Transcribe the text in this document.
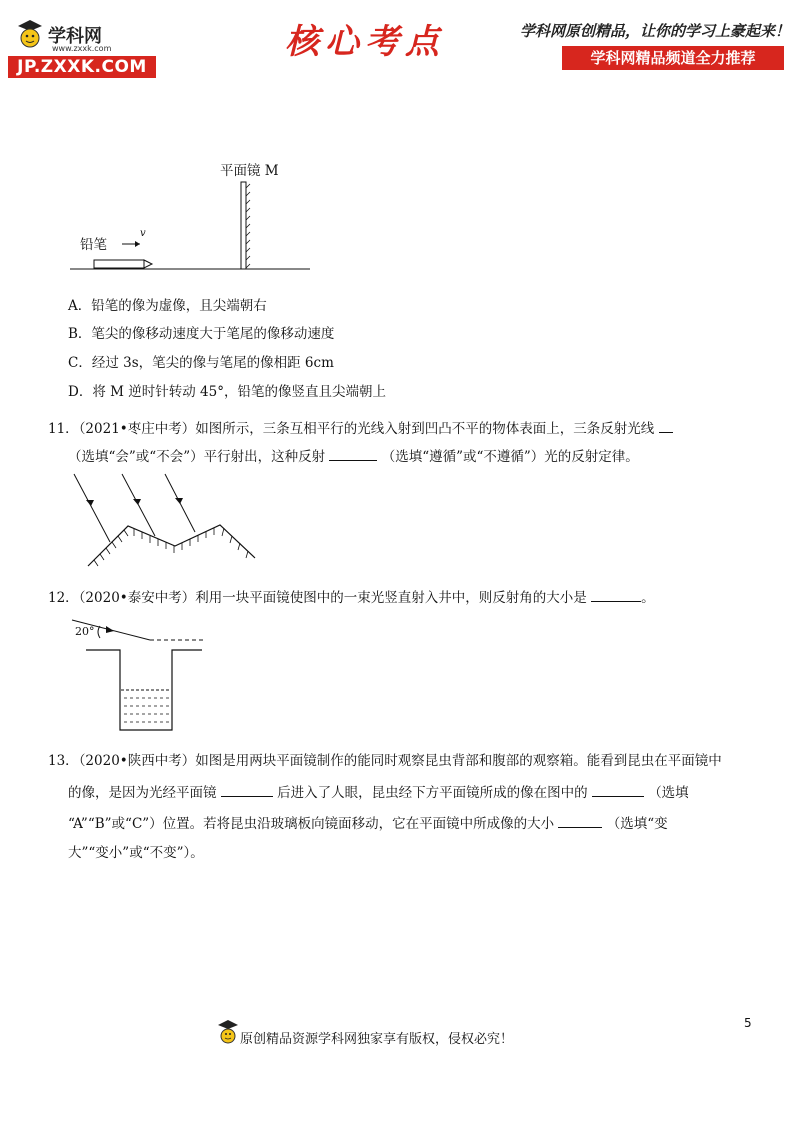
学科网
www.zxxk.com
JP.ZXXK.COM
核心考点	学科网原创精品，让你的学习上豪起来！
学科网精品频道全力推荐
平面镜 M
铅笔
v
A．铅笔的像为虚像，且尖端朝右
B．笔尖的像移动速度大于笔尾的像移动速度
C．经过 3s，笔尖的像与笔尾的像相距 6cm
D．将 M 逆时针转动 45°，铅笔的像竖直且尖端朝上
11．（2021•枣庄中考）如图所示，三条互相平行的光线入射到凹凸不平的物体表面上，三条反射光线
（选填“会”或“不会”）平行射出，这种反射	（选填“遵循”或“不遵循”）光的反射定律。
12．（2020•泰安中考）利用一块平面镜使图中的一束光竖直射入井中，则反射角的大小是	。
20°
13．（2020•陕西中考）如图是用两块平面镜制作的能同时观察昆虫背部和腹部的观察箱。能看到昆虫在平面镜中
的像，是因为光经平面镜	后进入了人眼，昆虫经下方平面镜所成的像在图中的	（选填
“A”“B”或“C”）位置。若将昆虫沿玻璃板向镜面移动，它在平面镜中所成像的大小	（选填“变
大”“变小”或“不变”）。
原创精品资源学科网独家享有版权，侵权必究！
5
